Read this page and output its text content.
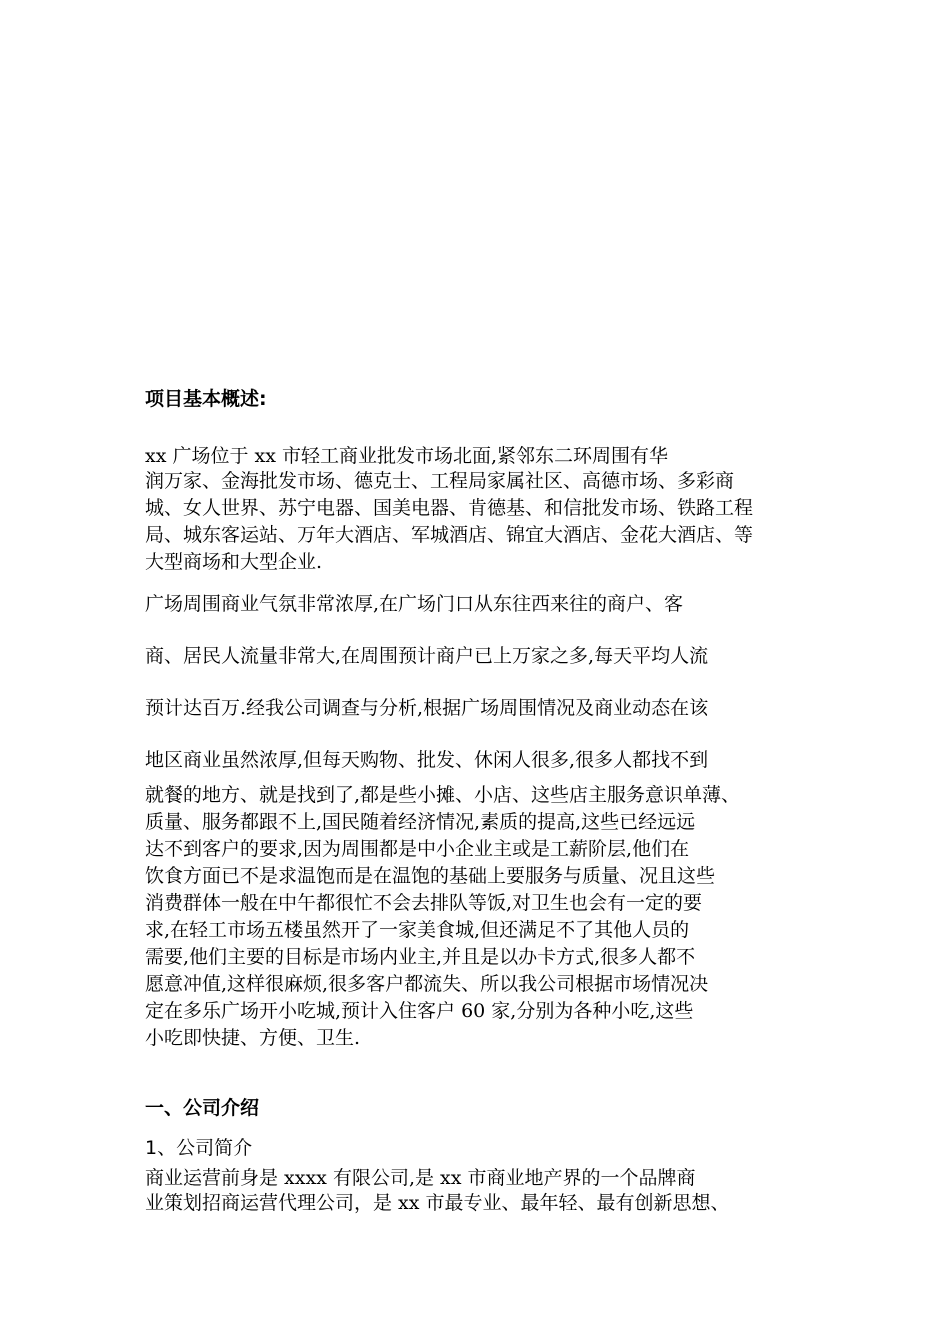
项目基本概述:
xx 广场位于 xx 市轻工商业批发市场北面,紧邻东二环周围有华
润万家、金海批发市场、德克士、工程局家属社区、高德市场、多彩商
城、女人世界、苏宁电器、国美电器、肯德基、和信批发市场、铁路工程
局、城东客运站、万年大酒店、军城酒店、锦宜大酒店、金花大酒店、等
大型商场和大型企业.
广场周围商业气氛非常浓厚,在广场门口从东往西来往的商户、客
商、居民人流量非常大,在周围预计商户已上万家之多,每天平均人流
预计达百万.经我公司调查与分析,根据广场周围情况及商业动态在该
地区商业虽然浓厚,但每天购物、批发、休闲人很多,很多人都找不到
就餐的地方、就是找到了,都是些小摊、小店、这些店主服务意识单薄、
质量、服务都跟不上,国民随着经济情况,素质的提高,这些已经远远
达不到客户的要求,因为周围都是中小企业主或是工薪阶层,他们在
饮食方面已不是求温饱而是在温饱的基础上要服务与质量、况且这些
消费群体一般在中午都很忙不会去排队等饭,对卫生也会有一定的要
求,在轻工市场五楼虽然开了一家美食城,但还满足不了其他人员的
需要,他们主要的目标是市场内业主,并且是以办卡方式,很多人都不
愿意冲值,这样很麻烦,很多客户都流失、所以我公司根据市场情况决
定在多乐广场开小吃城,预计入住客户 60 家,分别为各种小吃,这些
小吃即快捷、方便、卫生.
一、公司介绍
1、公司简介
商业运营前身是 xxxx 有限公司,是 xx 市商业地产界的一个品牌商
业策划招商运营代理公司，是 xx 市最专业、最年轻、最有创新思想、
